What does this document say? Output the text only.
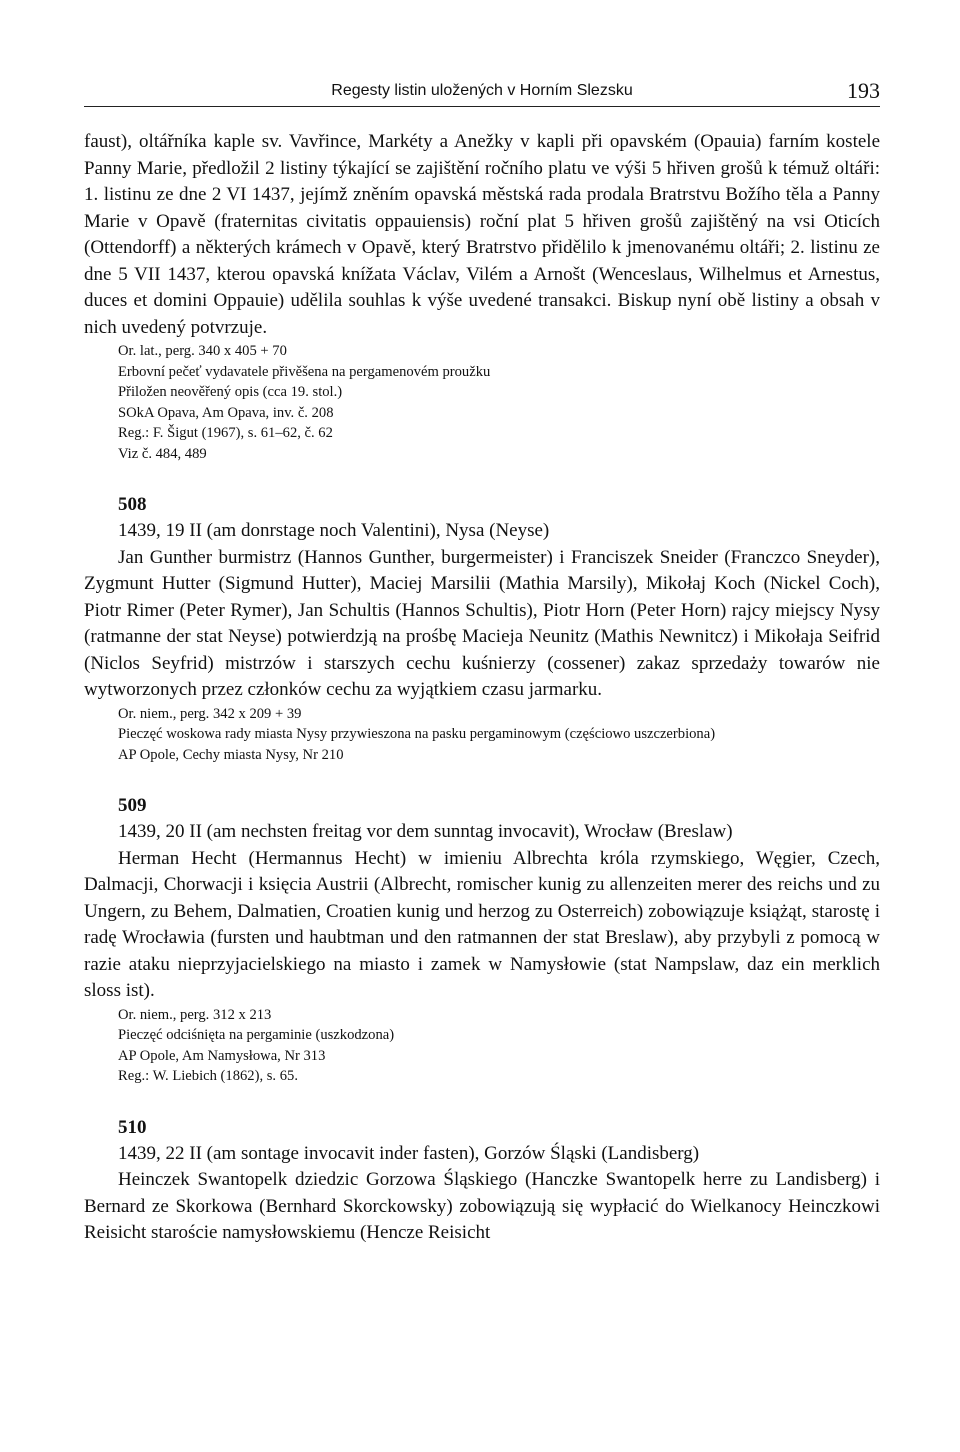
Regesty listin uložených v Horním Slezsku	193

faust), oltářníka kaple sv. Vavřince, Markéty a Anežky v kapli při opavském (Opauia) farním kostele Panny Marie, předložil 2 listiny týkající se zajištění ročního platu ve výši 5 hřiven grošů k témuž oltáři: 1. listinu ze dne 2 VI 1437, jejímž zněním opavská městská rada prodala Bratrstvu Božího těla a Panny Marie v Opavě (fraternitas civitatis oppauiensis) roční plat 5 hřiven grošů zajištěný na vsi Oticích (Ottendorff) a některých krámech v Opavě, který Bratrstvo přidělilo k jmenovanému oltáři; 2. listinu ze dne 5 VII 1437, kterou opavská knížata Václav, Vilém a Arnošt (Wenceslaus, Wilhelmus et Arnestus, duces et domini Oppauie) udělila souhlas k výše uvedené transakci. Biskup nyní obě listiny a obsah v nich uvedený potvrzuje.

Or. lat., perg. 340 x 405 + 70

Erbovní pečeť vydavatele přivěšena na pergamenovém proužku

Přiložen neověřený opis (cca 19. stol.)

SOkA Opava, Am Opava, inv. č. 208

Reg.: F. Šigut (1967), s. 61–62, č. 62

Viz č. 484, 489

508

1439, 19 II (am donrstage noch Valentini), Nysa (Neyse)

Jan Gunther burmistrz (Hannos Gunther, burgermeister) i Franciszek Sneider (Franczco Sneyder), Zygmunt Hutter (Sigmund Hutter), Maciej Marsilii (Mathia Marsily), Mikołaj Koch (Nickel Coch), Piotr Rimer (Peter Rymer), Jan Schultis (Hannos Schultis), Piotr Horn (Peter Horn) rajcy miejscy Nysy (ratmanne der stat Neyse) potwierdzją na prośbę Macieja Neunitz (Mathis Newnitcz) i Mikołaja Seifrid (Niclos Seyfrid) mistrzów i starszych cechu kuśnierzy (cossener) zakaz sprzedaży towarów nie wytworzonych przez członków cechu za wyjątkiem czasu jarmarku.

Or. niem., perg. 342 x 209 + 39

Pieczęć woskowa rady miasta Nysy przywieszona na pasku pergaminowym (częściowo uszczerbiona)

AP Opole, Cechy miasta Nysy, Nr 210

509

1439, 20 II (am nechsten freitag vor dem sunntag invocavit), Wrocław (Breslaw)

Herman Hecht (Hermannus Hecht) w imieniu Albrechta króla rzymskiego, Węgier, Czech, Dalmacji, Chorwacji i księcia Austrii (Albrecht, romischer kunig zu allenzeiten merer des reichs und zu Ungern, zu Behem, Dalmatien, Croatien kunig und herzog zu Osterreich) zobowiązuje książąt, starostę i radę Wrocławia (fursten und haubtman und den ratmannen der stat Breslaw), aby przybyli z pomocą w razie ataku nieprzyjacielskiego na miasto i zamek w Namysłowie (stat Nampslaw, daz ein merklich sloss ist).

Or. niem., perg. 312 x 213

Pieczęć odciśnięta na pergaminie (uszkodzona)

AP Opole, Am Namysłowa, Nr 313

Reg.: W. Liebich (1862), s. 65.

510

1439, 22 II (am sontage invocavit inder fasten), Gorzów Śląski (Landisberg)

Heinczek Swantopelk dziedzic Gorzowa Śląskiego (Hanczke Swantopelk herre zu Landisberg) i Bernard ze Skorkowa (Bernhard Skorckowsky) zobowiązują się wypłacić do Wielkanocy Heinczkowi Reisicht staroście namysłowskiemu (Hencze Reisicht
